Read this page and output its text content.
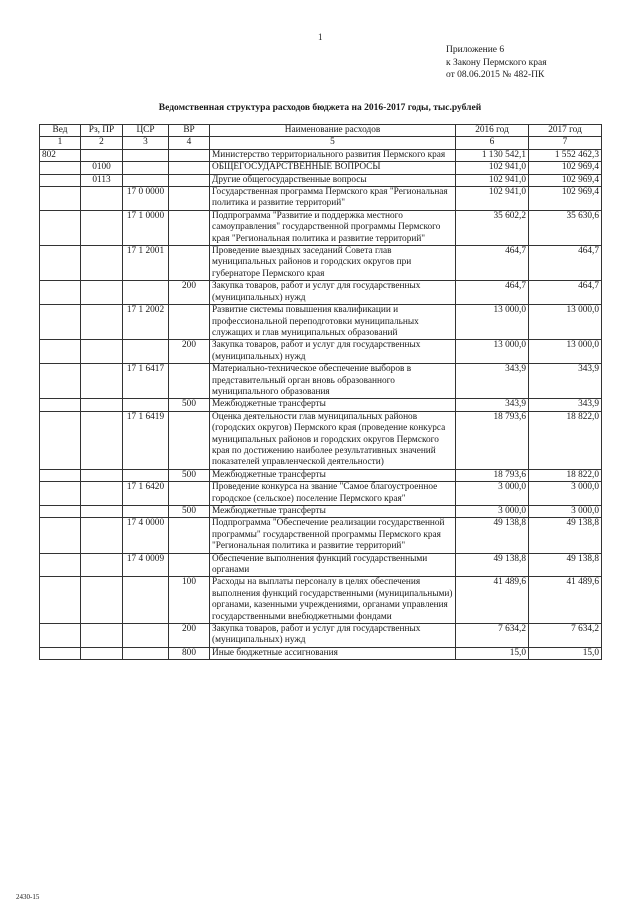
1
Приложение 6
к Закону Пермского края
от 08.06.2015 № 482-ПК
Ведомственная структура расходов бюджета на 2016-2017 годы, тыс.рублей
Вед	Рз, ПР	ЦСР	ВР	Наименование расходов	2016 год	2017 год
1	2	3	4	5	6	7
802				Министерство территориального развития Пермского края	1 130 542,1	1 552 462,3
	0100			ОБЩЕГОСУДАРСТВЕННЫЕ ВОПРОСЫ	102 941,0	102 969,4
	0113			Другие общегосударственные вопросы	102 941,0	102 969,4
		17 0 0000		Государственная программа Пермского края "Региональная политика и развитие территорий"	102 941,0	102 969,4
		17 1 0000		Подпрограмма "Развитие и поддержка местного самоуправления" государственной программы Пермского края "Региональная политика и развитие территорий"	35 602,2	35 630,6
		17 1 2001		Проведение выездных заседаний Совета глав муниципальных районов и городских округов при губернаторе Пермского края	464,7	464,7
			200	Закупка товаров, работ и услуг для государственных (муниципальных) нужд	464,7	464,7
		17 1 2002		Развитие системы повышения квалификации и профессиональной переподготовки муниципальных служащих и глав муниципальных образований	13 000,0	13 000,0
			200	Закупка товаров, работ и услуг для государственных (муниципальных) нужд	13 000,0	13 000,0
		17 1 6417		Материально-техническое обеспечение выборов в представительный орган вновь образованного муниципального образования	343,9	343,9
			500	Межбюджетные трансферты	343,9	343,9
		17 1 6419		Оценка деятельности глав муниципальных районов (городских округов) Пермского края (проведение конкурса муниципальных районов и городских округов Пермского края по достижению наиболее результативных значений показателей управленческой деятельности)	18 793,6	18 822,0
			500	Межбюджетные трансферты	18 793,6	18 822,0
		17 1 6420		Проведение конкурса на звание "Самое благоустроенное городское (сельское) поселение Пермского края"	3 000,0	3 000,0
			500	Межбюджетные трансферты	3 000,0	3 000,0
		17 4 0000		Подпрограмма "Обеспечение реализации государственной программы" государственной программы Пермского края "Региональная политика и развитие территорий"	49 138,8	49 138,8
		17 4 0009		Обеспечение выполнения функций государственными органами	49 138,8	49 138,8
			100	Расходы на выплаты персоналу в целях обеспечения выполнения функций государственными (муниципальными) органами, казенными учреждениями, органами управления государственными внебюджетными фондами	41 489,6	41 489,6
			200	Закупка товаров, работ и услуг для государственных (муниципальных) нужд	7 634,2	7 634,2
			800	Иные бюджетные ассигнования	15,0	15,0
2430-15
